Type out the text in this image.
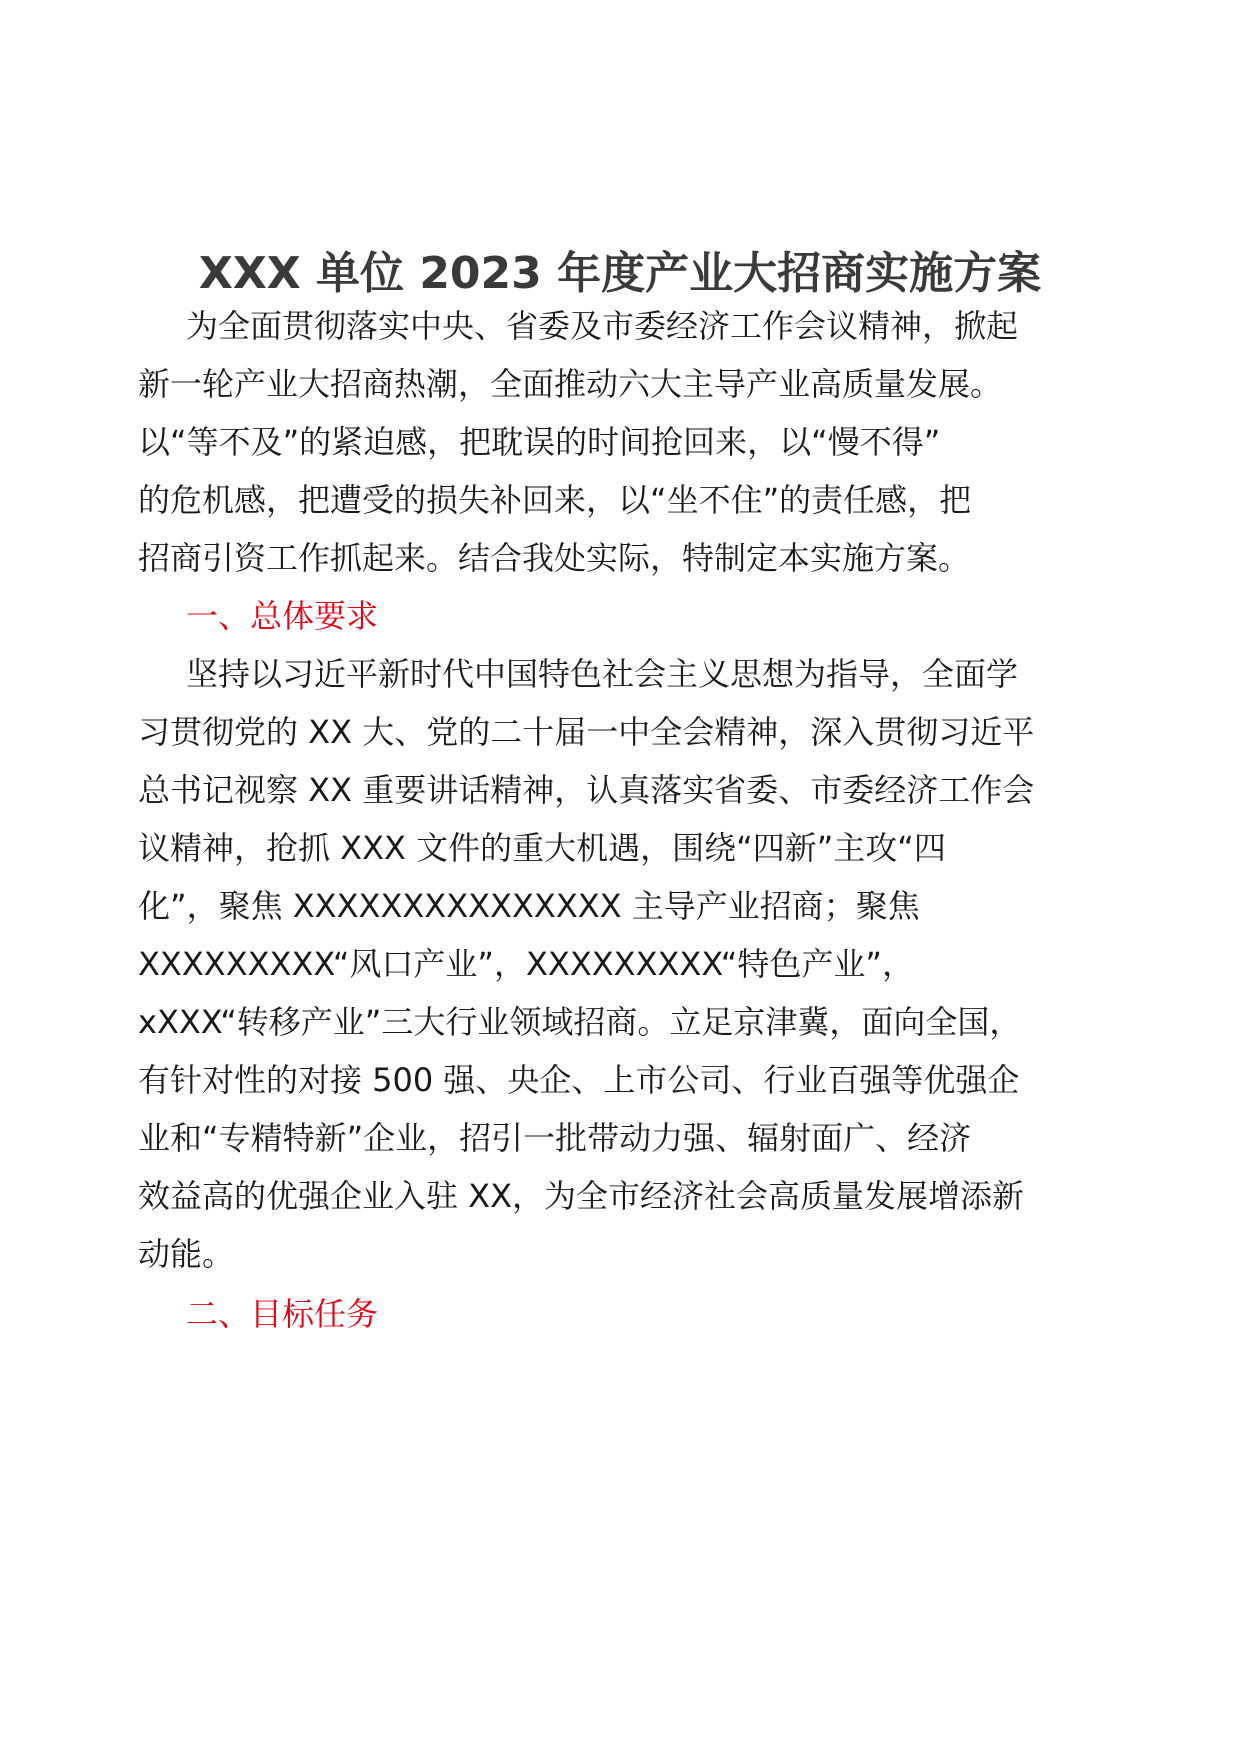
XXX 单位 2023 年度产业大招商实施方案
为全面贯彻落实中央、省委及市委经济工作会议精神，掀起
新一轮产业大招商热潮，全面推动六大主导产业高质量发展。
以“等不及”的紧迫感，把耽误的时间抢回来，以“慢不得”
的危机感，把遭受的损失补回来，以“坐不住”的责任感，把
招商引资工作抓起来。结合我处实际，特制定本实施方案。
一、总体要求
坚持以习近平新时代中国特色社会主义思想为指导，全面学
习贯彻党的 XX 大、党的二十届一中全会精神，深入贯彻习近平
总书记视察 XX 重要讲话精神，认真落实省委、市委经济工作会
议精神，抢抓 XXX 文件的重大机遇，围绕“四新”主攻“四
化”，聚焦 XXXXXXXXXXXXXXX 主导产业招商；聚焦
XXXXXXXXX“风口产业”，XXXXXXXXX“特色产业”，
xXXX“转移产业”三大行业领域招商。立足京津冀，面向全国，
有针对性的对接 500 强、央企、上市公司、行业百强等优强企
业和“专精特新”企业，招引一批带动力强、辐射面广、经济
效益高的优强企业入驻 XX，为全市经济社会高质量发展增添新
动能。
二、目标任务
